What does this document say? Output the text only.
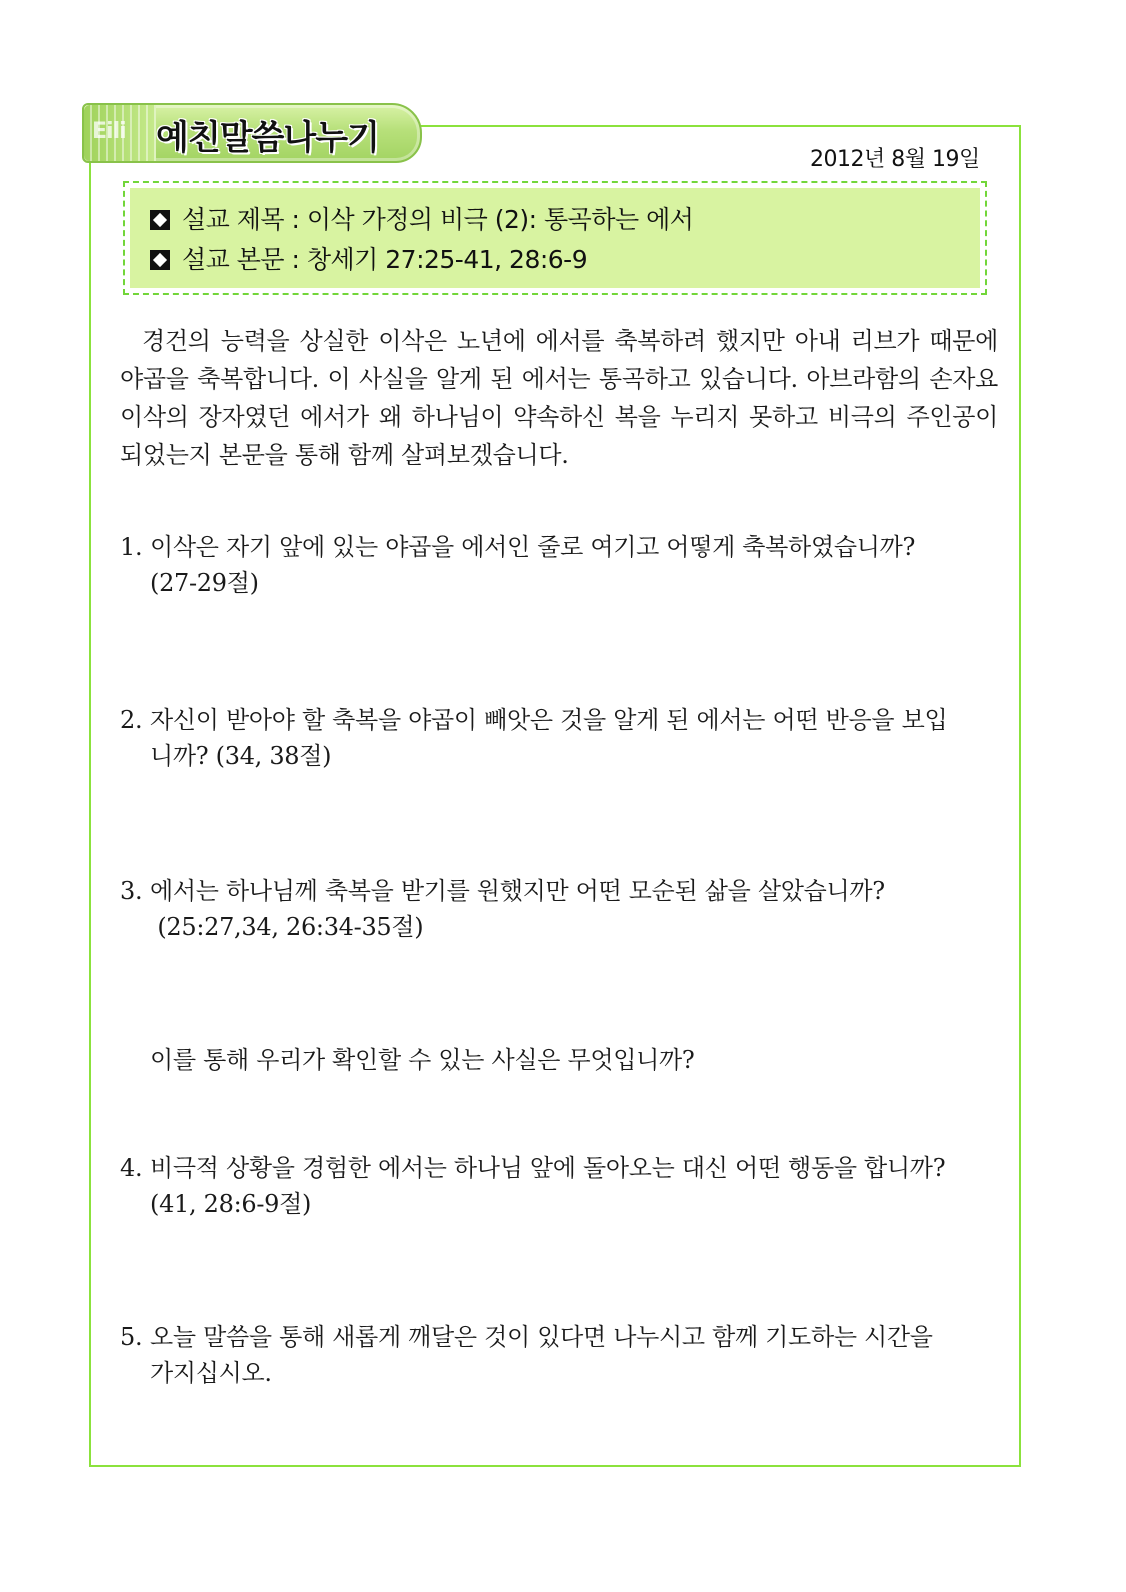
Eili 예친말씀나누기
2012년 8월 19일
설교 제목 : 이삭 가정의 비극 (2): 통곡하는 에서
설교 본문 : 창세기 27:25-41, 28:6-9
경건의 능력을 상실한 이삭은 노년에 에서를 축복하려 했지만 아내 리브가 때문에 야곱을 축복합니다. 이 사실을 알게 된 에서는 통곡하고 있습니다. 아브라함의 손자요 이삭의 장자였던 에서가 왜 하나님이 약속하신 복을 누리지 못하고 비극의 주인공이 되었는지 본문을 통해 함께 살펴보겠습니다.
1. 이삭은 자기 앞에 있는 야곱을 에서인 줄로 여기고 어떻게 축복하였습니까?
(27-29절)
2. 자신이 받아야 할 축복을 야곱이 빼앗은 것을 알게 된 에서는 어떤 반응을 보입
니까? (34, 38절)
3. 에서는 하나님께 축복을 받기를 원했지만 어떤 모순된 삶을 살았습니까?
(25:27,34, 26:34-35절)
이를 통해 우리가 확인할 수 있는 사실은 무엇입니까?
4. 비극적 상황을 경험한 에서는 하나님 앞에 돌아오는 대신 어떤 행동을 합니까?
(41, 28:6-9절)
5. 오늘 말씀을 통해 새롭게 깨달은 것이 있다면 나누시고 함께 기도하는 시간을
가지십시오.
